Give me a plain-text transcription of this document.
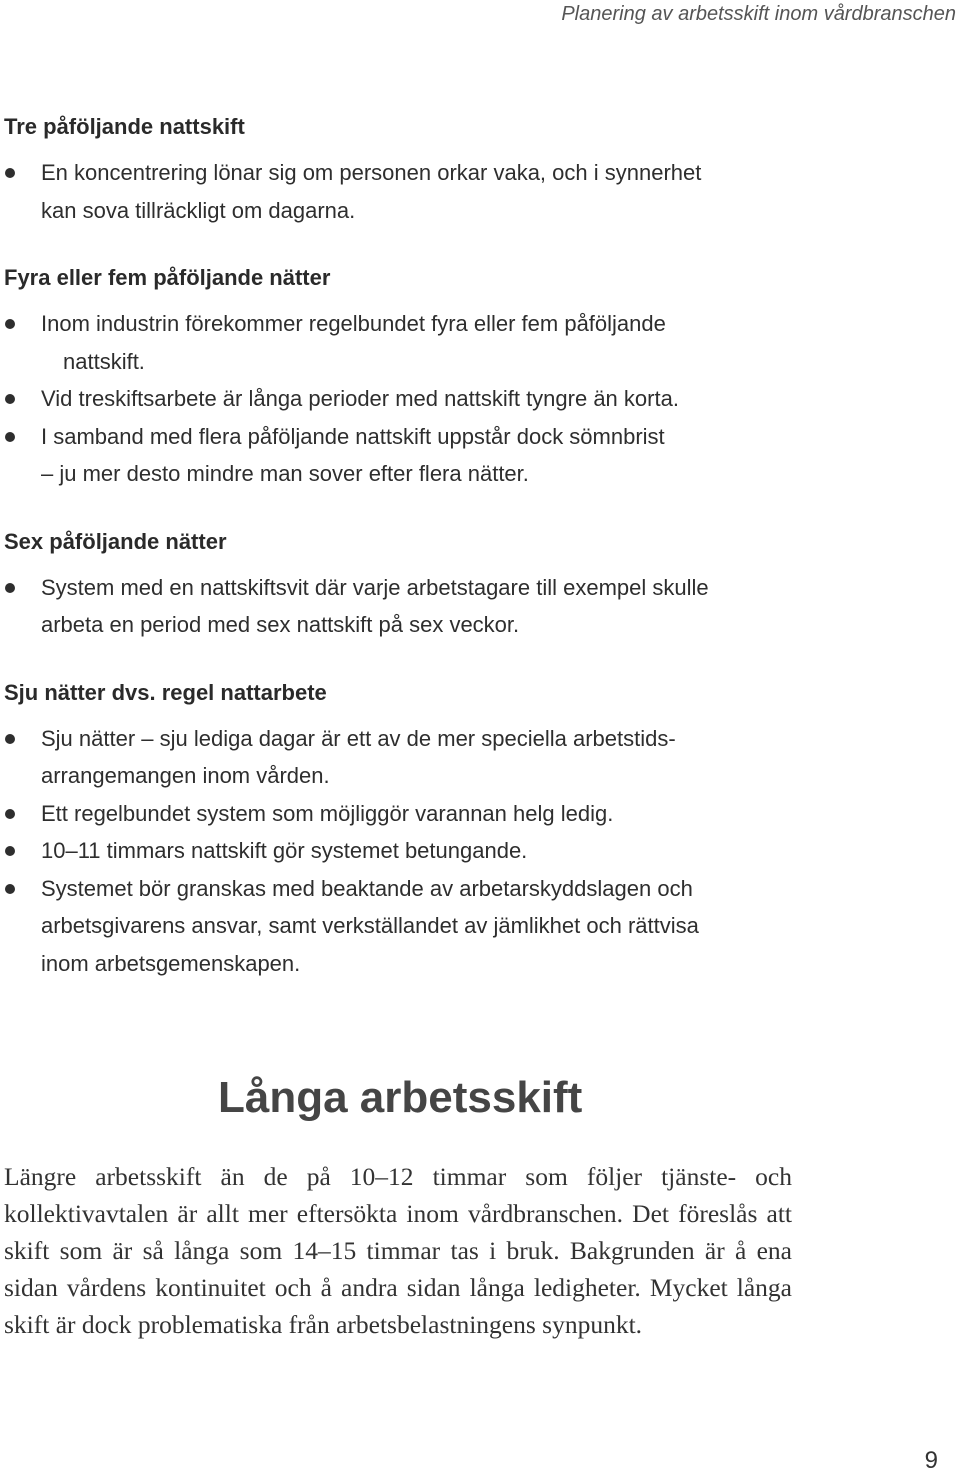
Planering av arbetsskift inom vårdbranschen
Tre påföljande nattskift
En koncentrering lönar sig om personen orkar vaka, och i synnerhet
kan sova tillräckligt om dagarna.
Fyra eller fem påföljande nätter
Inom industrin förekommer regelbundet fyra eller fem påföljande
nattskift.
Vid treskiftsarbete är långa perioder med nattskift tyngre än korta.
I samband med flera påföljande nattskift uppstår dock sömnbrist
– ju mer desto mindre man sover efter flera nätter.
Sex påföljande nätter
System med en nattskiftsvit där varje arbetstagare till exempel skulle
arbeta en period med sex nattskift på sex veckor.
Sju nätter dvs. regel nattarbete
Sju nätter – sju lediga dagar är ett av de mer speciella arbetstids-
arrangemangen inom vården.
Ett regelbundet system som möjliggör varannan helg ledig.
10–11 timmars nattskift gör systemet betungande.
Systemet bör granskas med beaktande av arbetarskyddslagen och
arbetsgivarens ansvar, samt verkställandet av jämlikhet och rättvisa
inom arbetsgemenskapen.
Långa arbetsskift

Längre arbetsskift än de på 10–12 timmar som följer tjänste- och kollektivavtalen är allt mer eftersökta inom vårdbranschen. Det föreslås att skift som är så långa som 14–15 timmar tas i bruk. Bakgrunden är å ena sidan vårdens kontinuitet och å andra sidan långa ledigheter. Mycket långa skift är dock problematiska från arbetsbelastningens synpunkt.

9
